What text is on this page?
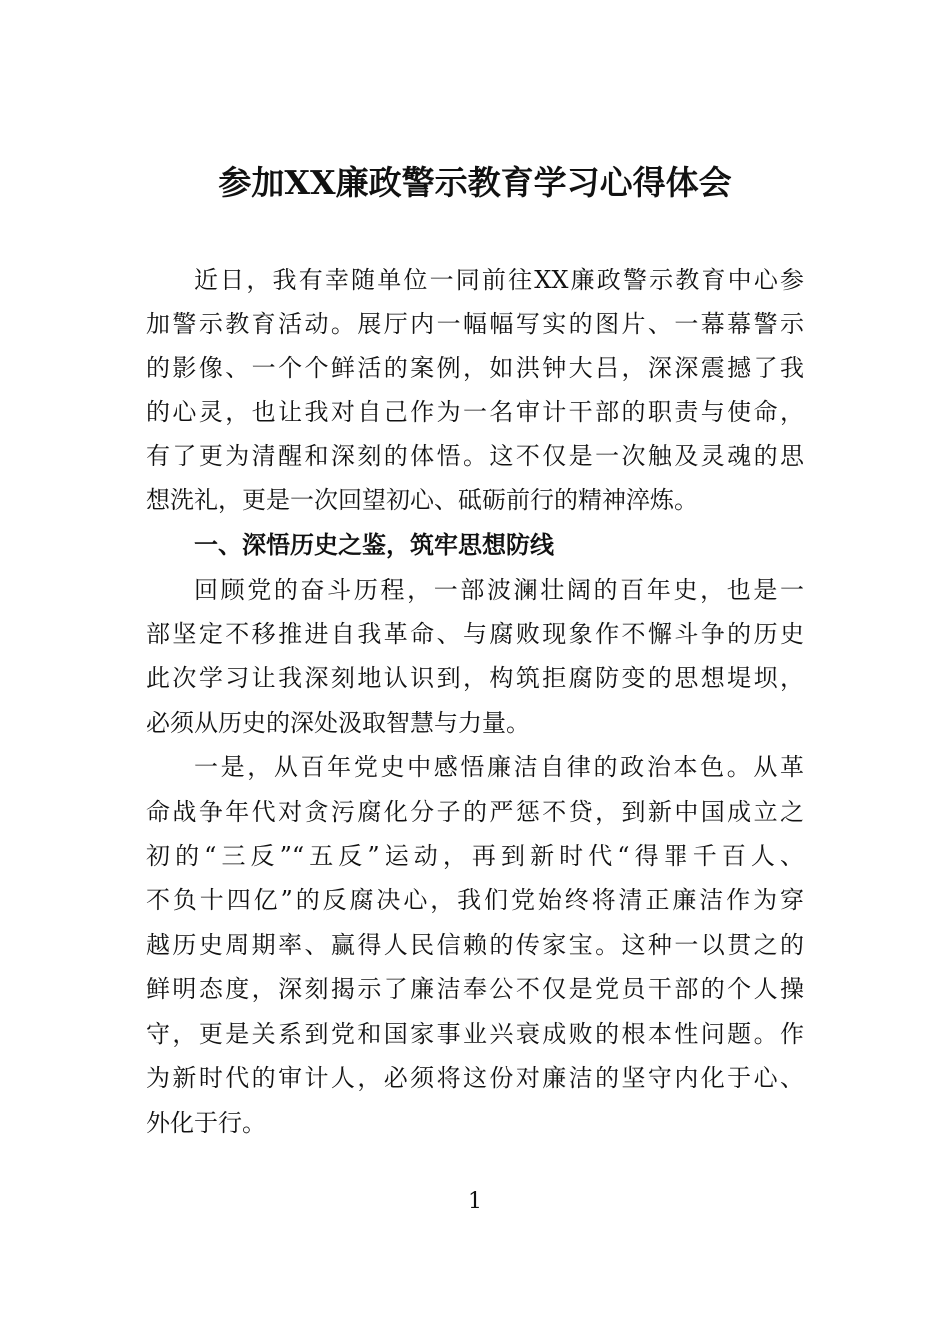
参加XX廉政警示教育学习心得体会
近日，我有幸随单位一同前往XX廉政警示教育中心参
加警示教育活动。展厅内一幅幅写实的图片、一幕幕警示
的影像、一个个鲜活的案例，如洪钟大吕，深深震撼了我
的心灵，也让我对自己作为一名审计干部的职责与使命，
有了更为清醒和深刻的体悟。这不仅是一次触及灵魂的思
想洗礼，更是一次回望初心、砥砺前行的精神淬炼。
一、深悟历史之鉴，筑牢思想防线
回顾党的奋斗历程，一部波澜壮阔的百年史，也是一
部坚定不移推进自我革命、与腐败现象作不懈斗争的历史
此次学习让我深刻地认识到，构筑拒腐防变的思想堤坝，
必须从历史的深处汲取智慧与力量。
一是，从百年党史中感悟廉洁自律的政治本色。从革
命战争年代对贪污腐化分子的严惩不贷，到新中国成立之
初的“三反”“五反”运动，再到新时代“得罪千百人、
不负十四亿”的反腐决心，我们党始终将清正廉洁作为穿
越历史周期率、赢得人民信赖的传家宝。这种一以贯之的
鲜明态度，深刻揭示了廉洁奉公不仅是党员干部的个人操
守，更是关系到党和国家事业兴衰成败的根本性问题。作
为新时代的审计人，必须将这份对廉洁的坚守内化于心、
外化于行。
1
